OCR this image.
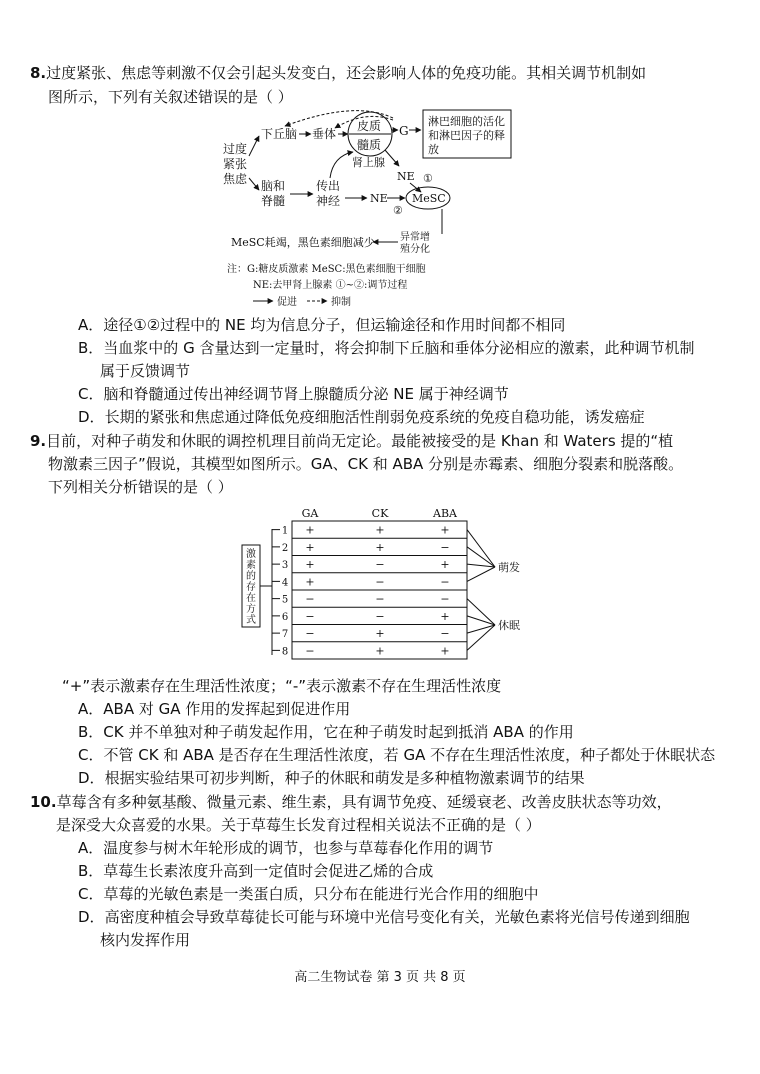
8.过度紧张、焦虑等刺激不仅会引起头发变白，还会影响人体的免疫功能。其相关调节机制如
图所示，下列有关叙述错误的是（ ）
过度
紧张
焦虑
下丘脑 垂体
皮质
髓质
肾上腺
G
淋巴细胞的活化
和淋巴因子的释
放
NE ①
脑和
脊髓
传出
神经	NE
②
MeSC
异常增
殖分化
MeSC耗竭，黑色素细胞减少
注：G:糖皮质激素 MeSC:黑色素细胞干细胞
NE:去甲肾上腺素 ①~②:调节过程
促进	抑制
A．途径①②过程中的 NE 均为信息分子，但运输途径和作用时间都不相同
B．当血浆中的 G 含量达到一定量时，将会抑制下丘脑和垂体分泌相应的激素，此种调节机制
属于反馈调节
C．脑和脊髓通过传出神经调节肾上腺髓质分泌 NE 属于神经调节
D．长期的紧张和焦虑通过降低免疫细胞活性削弱免疫系统的免疫自稳功能，诱发癌症
9.目前，对种子萌发和休眠的调控机理目前尚无定论。最能被接受的是 Khan 和 Waters 提的“植
物激素三因子”假说，其模型如图所示。GA、CK 和 ABA 分别是赤霉素、细胞分裂素和脱落酸。
下列相关分析错误的是（ ）
GA	CK	ABA
激
素
的
存
在
方
式
1 +	+	+
2 +	+	−
3 +	−	+
4 +	−	−
5 −	−	−
6 −	−	+
7 −	+	−
8 −	+	+
萌发
休眠
“+”表示激素存在生理活性浓度；“-”表示激素不存在生理活性浓度
A．ABA 对 GA 作用的发挥起到促进作用
B．CK 并不单独对种子萌发起作用，它在种子萌发时起到抵消 ABA 的作用
C．不管 CK 和 ABA 是否存在生理活性浓度，若 GA 不存在生理活性浓度，种子都处于休眠状态
D．根据实验结果可初步判断，种子的休眠和萌发是多种植物激素调节的结果
10.草莓含有多种氨基酸、微量元素、维生素，具有调节免疫、延缓衰老、改善皮肤状态等功效，
是深受大众喜爱的水果。关于草莓生长发育过程相关说法不正确的是（ ）
A．温度参与树木年轮形成的调节，也参与草莓春化作用的调节
B．草莓生长素浓度升高到一定值时会促进乙烯的合成
C．草莓的光敏色素是一类蛋白质，只分布在能进行光合作用的细胞中
D．高密度种植会导致草莓徒长可能与环境中光信号变化有关，光敏色素将光信号传递到细胞
核内发挥作用
高二生物试卷 第 3 页 共 8 页
